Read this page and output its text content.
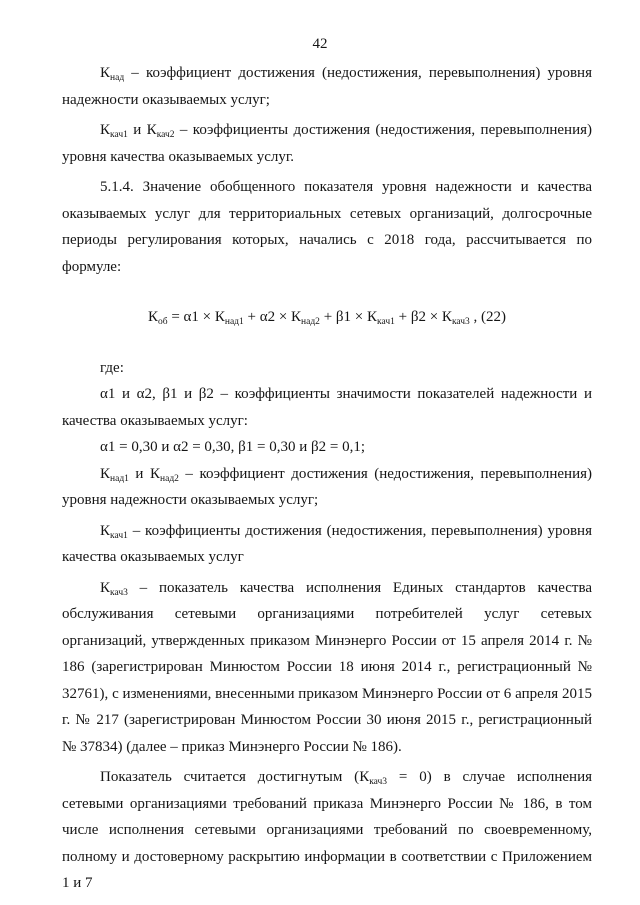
42

$К_{над}$ – коэффициент достижения (недостижения, перевыполнения) уровня надежности оказываемых услуг;

$К_{кач1}$ и $К_{кач2}$ – коэффициенты достижения (недостижения, перевыполнения) уровня качества оказываемых услуг.

5.1.4. Значение обобщенного показателя уровня надежности и качества оказываемых услуг для территориальных сетевых организаций, долгосрочные периоды регулирования которых, начались с 2018 года, рассчитывается по формуле:

$К_{об} = \alpha 1 \times К_{над1} + \alpha 2 \times К_{над2} + \beta 1 \times К_{кач1} + \beta 2 \times К_{кач3}$ , (22)

где:

α1 и α2, β1 и β2 – коэффициенты значимости показателей надежности и качества оказываемых услуг:

α1 = 0,30 и α2 = 0,30, β1 = 0,30 и β2 = 0,1;

$К_{над1}$ и $К_{над2}$ – коэффициент достижения (недостижения, перевыполнения) уровня надежности оказываемых услуг;

$К_{кач1}$ – коэффициенты достижения (недостижения, перевыполнения) уровня качества оказываемых услуг

$К_{кач3}$ – показатель качества исполнения Единых стандартов качества обслуживания сетевыми организациями потребителей услуг сетевых организаций, утвержденных приказом Минэнерго России от 15 апреля 2014 г. № 186 (зарегистрирован Минюстом России 18 июня 2014 г., регистрационный № 32761), с изменениями, внесенными приказом Минэнерго России от 6 апреля 2015 г. № 217 (зарегистрирован Минюстом России 30 июня 2015 г., регистрационный № 37834) (далее – приказ Минэнерго России № 186).

Показатель считается достигнутым $(К_{кач3} = 0)$ в случае исполнения сетевыми организациями требований приказа Минэнерго России № 186, в том числе исполнения сетевыми организациями требований по своевременному, полному и достоверному раскрытию информации в соответствии с Приложением 1 и 7
